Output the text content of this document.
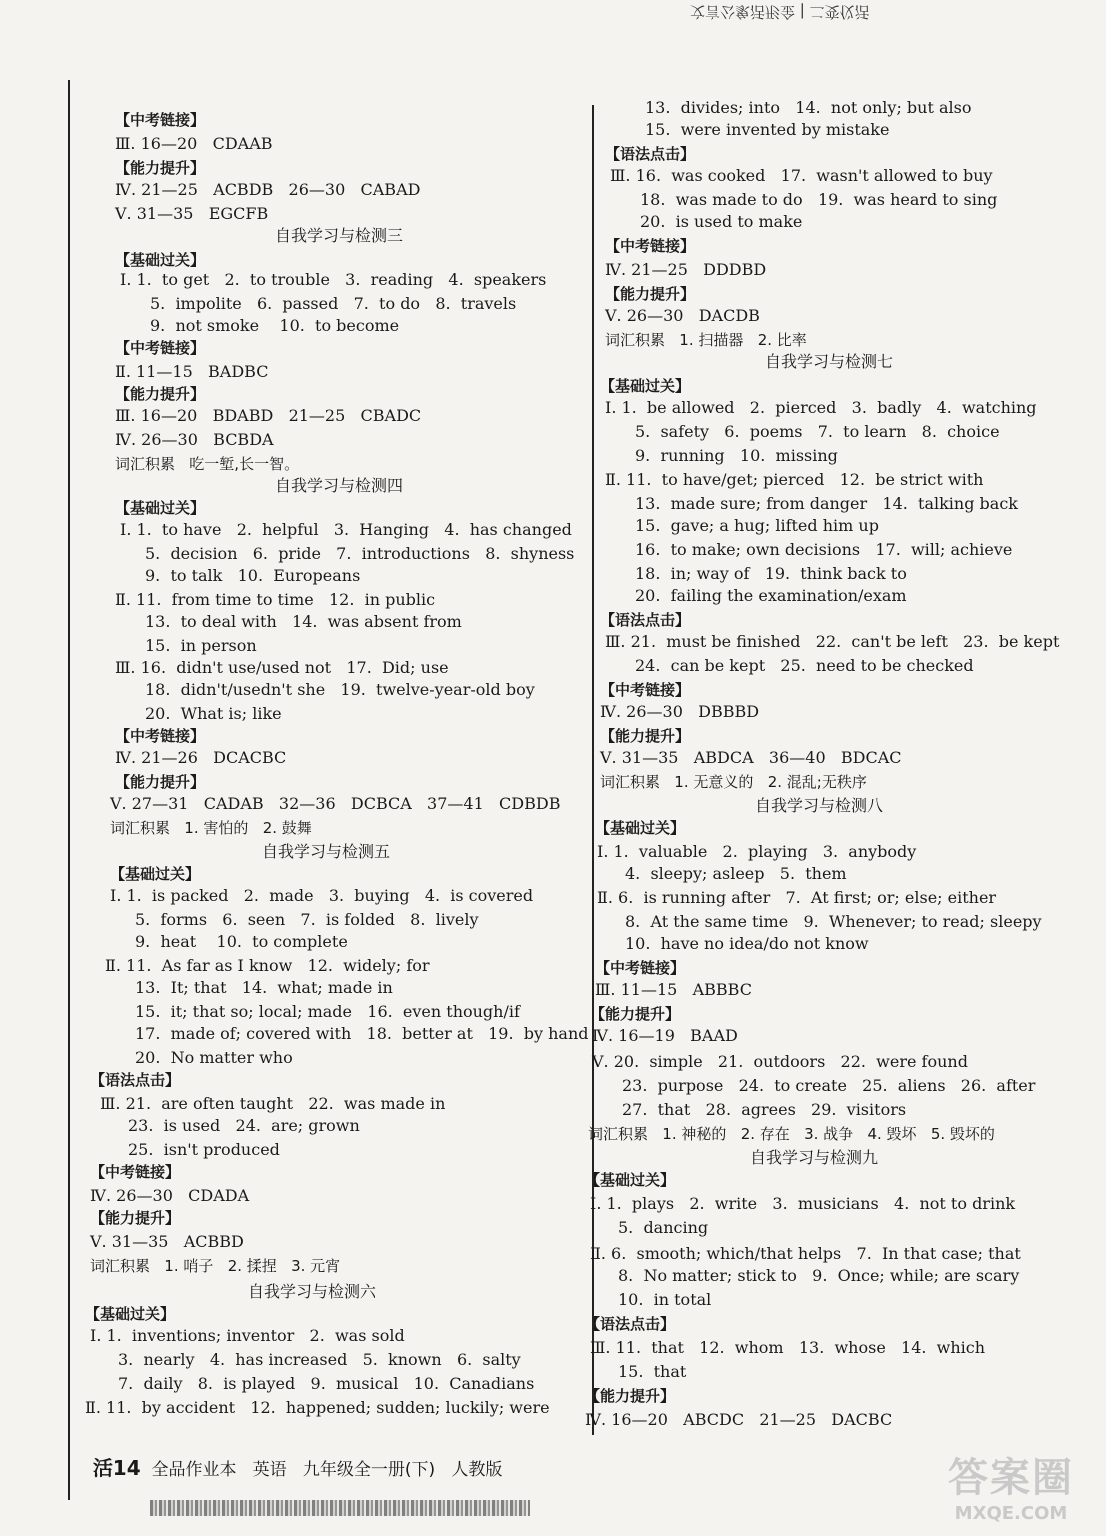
文言公象活形金 | 二变仪活
【中考链接】
Ⅲ. 16—20   CDAAB
【能力提升】
Ⅳ. 21—25   ACBDB   26—30   CABAD
Ⅴ. 31—35   EGCFB
自我学习与检测三
【基础过关】
Ⅰ. 1.  to get   2.  to trouble   3.  reading   4.  speakers
5.  impolite   6.  passed   7.  to do   8.  travels
9.  not smoke    10.  to become
【中考链接】
Ⅱ. 11—15   BADBC
【能力提升】
Ⅲ. 16—20   BDABD   21—25   CBADC
Ⅳ. 26—30   BCBDA
词汇积累   吃一堑,长一智。
自我学习与检测四
【基础过关】
Ⅰ. 1.  to have   2.  helpful   3.  Hanging   4.  has changed
5.  decision   6.  pride   7.  introductions   8.  shyness
9.  to talk   10.  Europeans
Ⅱ. 11.  from time to time   12.  in public
13.  to deal with   14.  was absent from
15.  in person
Ⅲ. 16.  didn't use/used not   17.  Did; use
18.  didn't/usedn't she   19.  twelve-year-old boy
20.  What is; like
【中考链接】
Ⅳ. 21—26   DCACBC
【能力提升】
Ⅴ. 27—31   CADAB   32—36   DCBCA   37—41   CDBDB
词汇积累   1. 害怕的   2. 鼓舞
自我学习与检测五
【基础过关】
Ⅰ. 1.  is packed   2.  made   3.  buying   4.  is covered
5.  forms   6.  seen   7.  is folded   8.  lively
9.  heat    10.  to complete
Ⅱ. 11.  As far as I know   12.  widely; for
13.  It; that   14.  what; made in
15.  it; that so; local; made   16.  even though/if
17.  made of; covered with   18.  better at   19.  by hand
20.  No matter who
【语法点击】
Ⅲ. 21.  are often taught   22.  was made in
23.  is used   24.  are; grown
25.  isn't produced
【中考链接】
Ⅳ. 26—30   CDADA
【能力提升】
Ⅴ. 31—35   ACBBD
词汇积累   1. 哨子   2. 揉捏   3. 元宵
自我学习与检测六
【基础过关】
Ⅰ. 1.  inventions; inventor   2.  was sold
3.  nearly   4.  has increased   5.  known   6.  salty
7.  daily   8.  is played   9.  musical   10.  Canadians
Ⅱ. 11.  by accident   12.  happened; sudden; luckily; were
13.  divides; into   14.  not only; but also
15.  were invented by mistake
【语法点击】
Ⅲ. 16.  was cooked   17.  wasn't allowed to buy
18.  was made to do   19.  was heard to sing
20.  is used to make
【中考链接】
Ⅳ. 21—25   DDDBD
【能力提升】
Ⅴ. 26—30   DACDB
词汇积累   1. 扫描器   2. 比率
自我学习与检测七
【基础过关】
Ⅰ. 1.  be allowed   2.  pierced   3.  badly   4.  watching
5.  safety   6.  poems   7.  to learn   8.  choice
9.  running   10.  missing
Ⅱ. 11.  to have/get; pierced   12.  be strict with
13.  made sure; from danger   14.  talking back
15.  gave; a hug; lifted him up
16.  to make; own decisions   17.  will; achieve
18.  in; way of   19.  think back to
20.  failing the examination/exam
【语法点击】
Ⅲ. 21.  must be finished   22.  can't be left   23.  be kept
24.  can be kept   25.  need to be checked
【中考链接】
Ⅳ. 26—30   DBBBD
【能力提升】
Ⅴ. 31—35   ABDCA   36—40   BDCAC
词汇积累   1. 无意义的   2. 混乱;无秩序
自我学习与检测八
【基础过关】
Ⅰ. 1.  valuable   2.  playing   3.  anybody
4.  sleepy; asleep   5.  them
Ⅱ. 6.  is running after   7.  At first; or; else; either
8.  At the same time   9.  Whenever; to read; sleepy
10.  have no idea/do not know
【中考链接】
Ⅲ. 11—15   ABBBC
【能力提升】
Ⅳ. 16—19   BAAD
Ⅴ. 20.  simple   21.  outdoors   22.  were found
23.  purpose   24.  to create   25.  aliens   26.  after
27.  that   28.  agrees   29.  visitors
词汇积累   1. 神秘的   2. 存在   3. 战争   4. 毁坏   5. 毁坏的
自我学习与检测九
【基础过关】
Ⅰ. 1.  plays   2.  write   3.  musicians   4.  not to drink
5.  dancing
Ⅱ. 6.  smooth; which/that helps   7.  In that case; that
8.  No matter; stick to   9.  Once; while; are scary
10.  in total
【语法点击】
Ⅲ. 11.  that   12.  whom   13.  whose   14.  which
15.  that
【能力提升】
Ⅳ. 16—20   ABCDC   21—25   DACBC

活14 全品作业本   英语   九年级全一册(下)   人教版	答案圈
MXQE.COM
